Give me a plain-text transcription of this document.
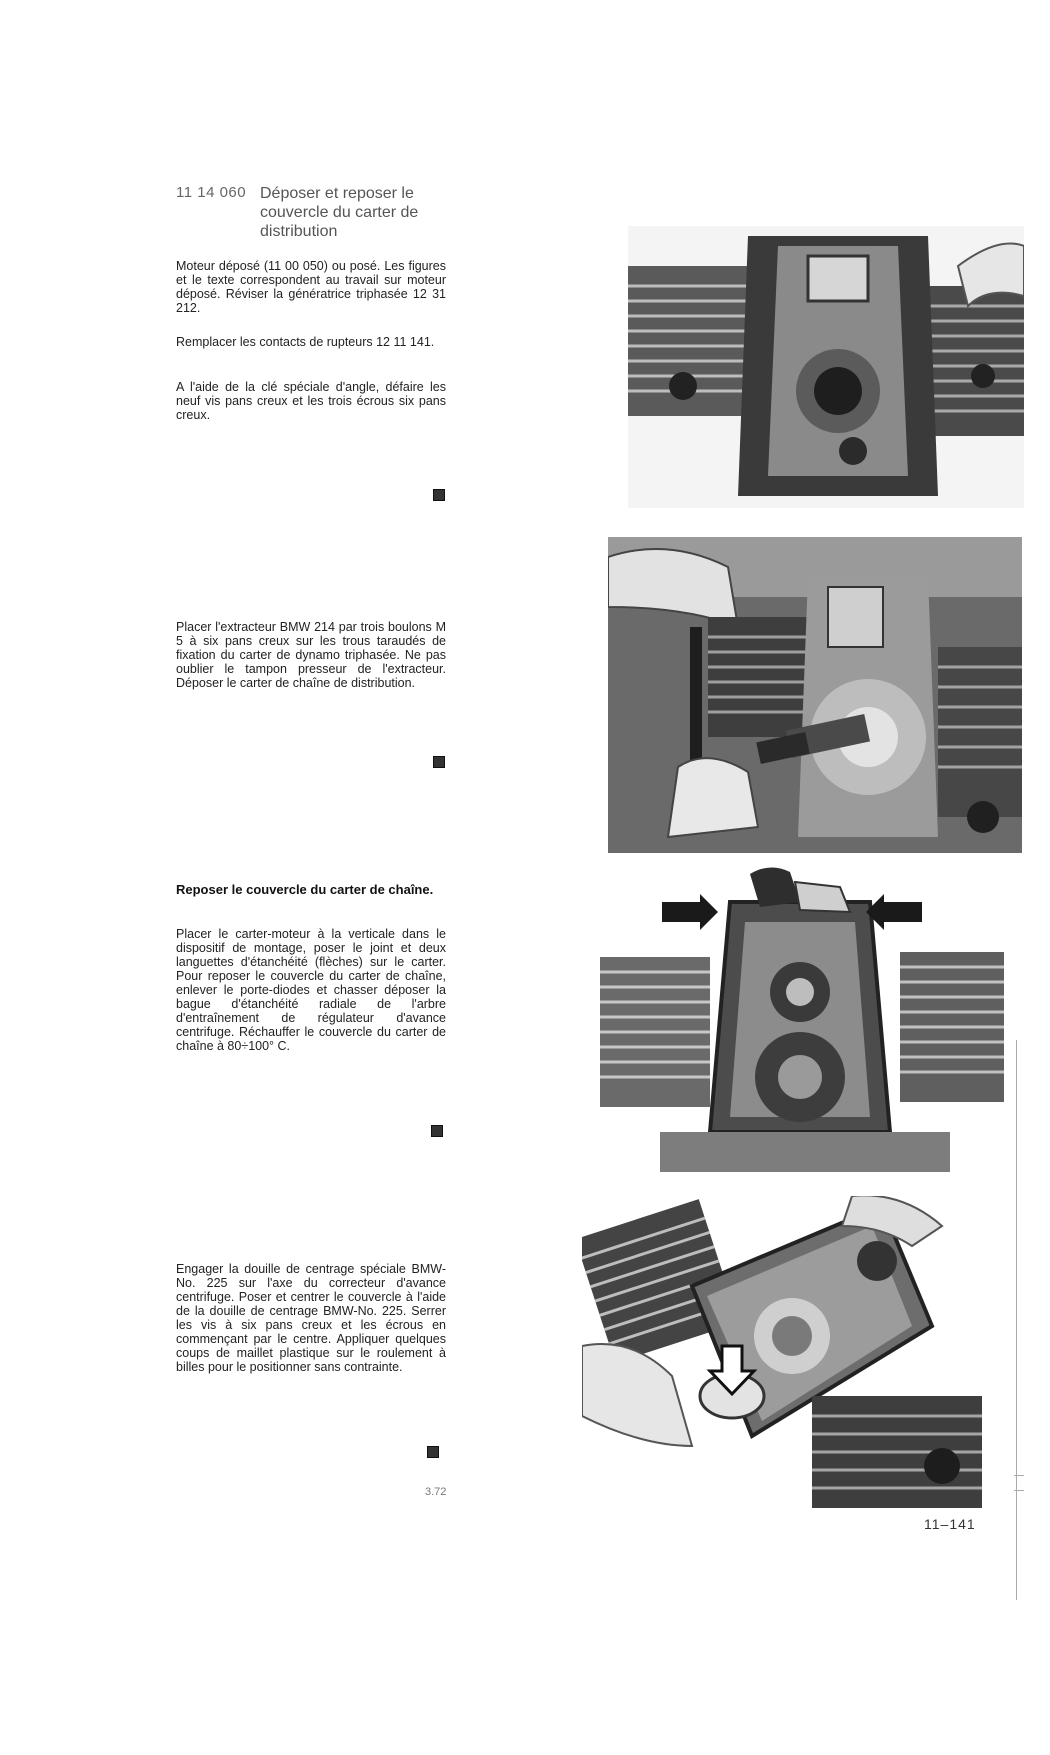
11 14 060 Déposer et reposer le couvercle du carter de distribution
Moteur déposé (11 00 050) ou posé. Les figures et le texte correspondent au travail sur moteur déposé. Réviser la génératrice triphasée 12 31 212.
Remplacer les contacts de rupteurs 12 11 141.
A l'aide de la clé spéciale d'angle, défaire les neuf vis pans creux et les trois écrous six pans creux.
Placer l'extracteur BMW 214 par trois boulons M 5 à six pans creux sur les trous taraudés de fixation du carter de dynamo triphasée. Ne pas oublier le tampon presseur de l'extracteur. Déposer le carter de chaîne de distribution.
Reposer le couvercle du carter de chaîne.
Placer le carter-moteur à la verticale dans le dispositif de montage, poser le joint et deux languettes d'étanchéité (flèches) sur le carter. Pour reposer le couvercle du carter de chaîne, enlever le porte-diodes et chasser déposer la bague d'étanchéité radiale de l'arbre d'entraînement de régulateur d'avance centrifuge. Réchauffer le couvercle du carter de chaîne à 80÷100° C.
Engager la douille de centrage spéciale BMW-No. 225 sur l'axe du correcteur d'avance centrifuge. Poser et centrer le couvercle à l'aide de la douille de centrage BMW-No. 225. Serrer les vis à six pans creux et les écrous en commençant par le centre. Appliquer quelques coups de maillet plastique sur le roulement à billes pour le positionner sans contrainte.
3.72
11–141
